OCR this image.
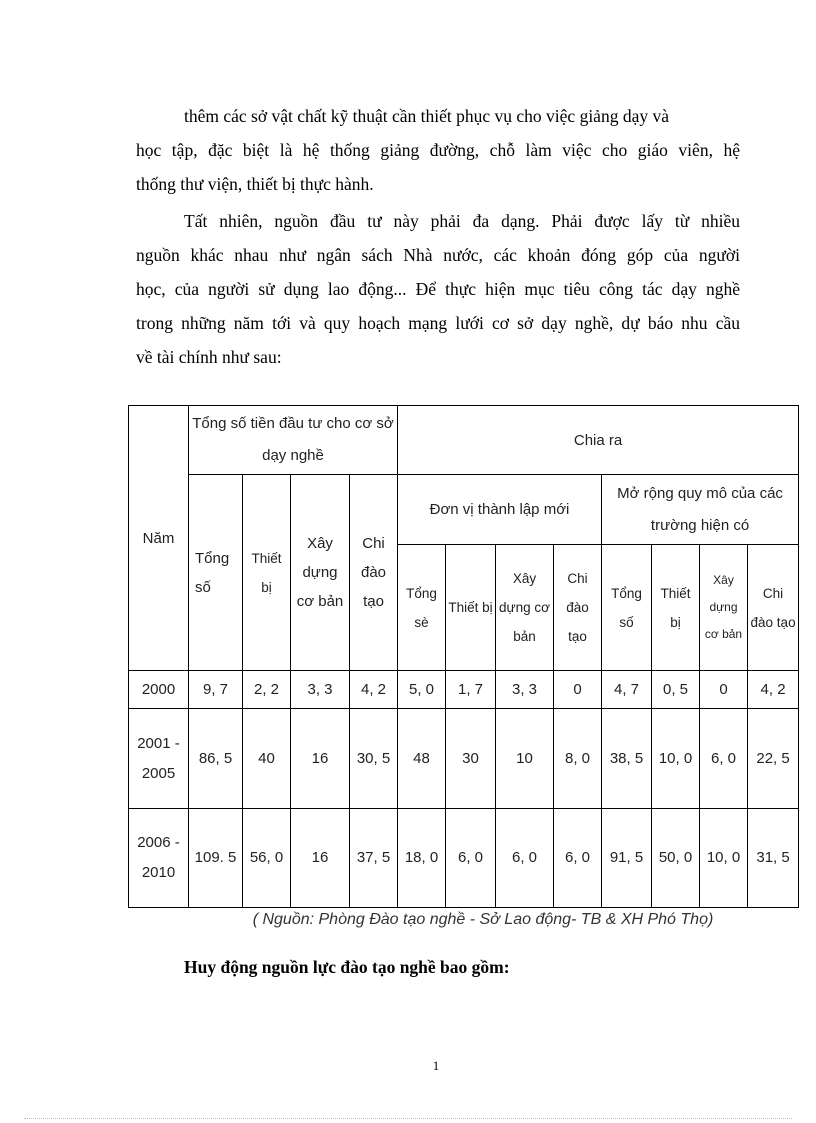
thêm các sở vật chất kỹ thuật cần thiết phục vụ cho việc giảng dạy và
học tập, đặc biệt là hệ thống giảng đường, chỗ làm việc cho giáo viên, hệ
thống thư viện, thiết bị thực hành.
Tất nhiên, nguồn đầu tư này phải đa dạng. Phải được lấy từ nhiều
nguồn khác nhau như ngân sách Nhà nước, các khoản đóng góp của người
học, của người sử dụng lao động... Để thực hiện mục tiêu công tác dạy nghề
trong những năm tới và quy hoạch mạng lưới cơ sở dạy nghề, dự báo nhu cầu
về tài chính như sau:
Năm	Tổng số tiền đầu tư cho cơ sở dạy nghề				Chia ra							
	Tổng số	Thiết bị	Xây dựng cơ bản	Chi đào tạo	Đơn vị thành lập mới				Mở rộng quy mô của các trường hiện có			
					Tổng sè	Thiết bị	Xây dựng cơ bản	Chi đào tạo	Tổng số	Thiết bị	Xây dựng cơ bản	Chi đào tạo
2000	9, 7	2, 2	3, 3	4, 2	5, 0	1, 7	3, 3	0	4, 7	0, 5	0	4, 2
2001 - 2005	86, 5	40	16	30, 5	48	30	10	8, 0	38, 5	10, 0	6, 0	22, 5
2006 - 2010	109. 5	56, 0	16	37, 5	18, 0	6, 0	6, 0	6, 0	91, 5	50, 0	10, 0	31, 5
( Nguồn: Phòng Đào tạo nghề - Sở Lao động- TB & XH Phó Thọ)
Huy động nguồn lực đào tạo nghề bao gồm:
1
